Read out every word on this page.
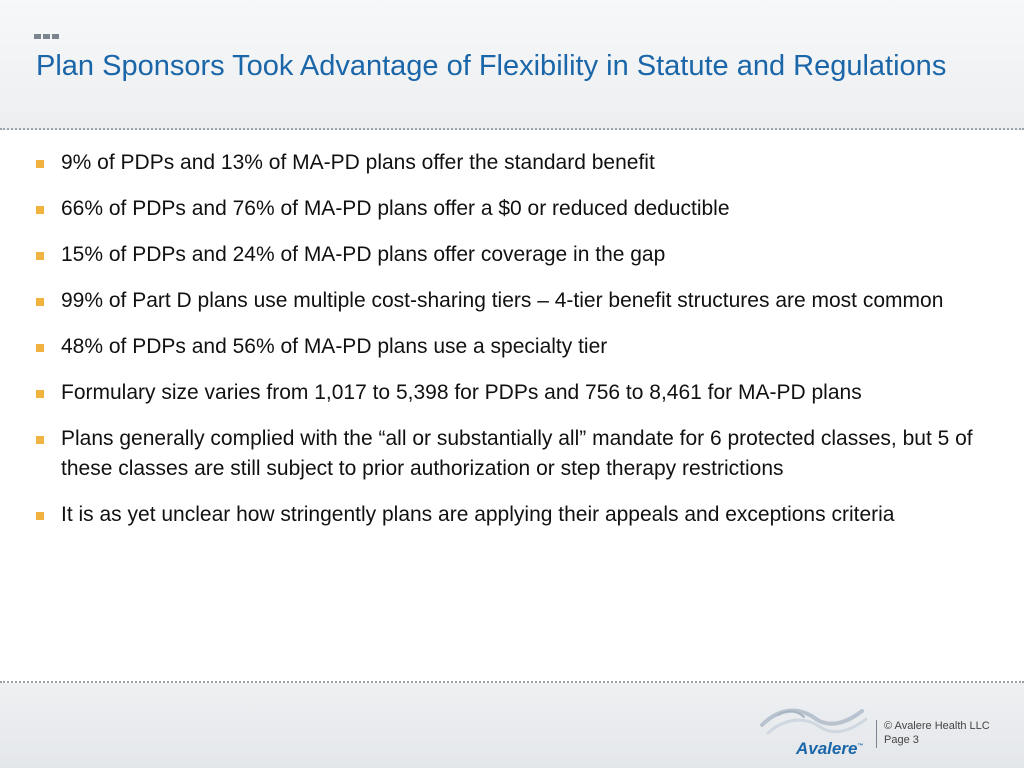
Plan Sponsors Took Advantage of Flexibility in Statute and Regulations
9% of PDPs and 13% of MA-PD plans offer the standard benefit
66% of PDPs and 76% of MA-PD plans offer a $0 or reduced deductible
15% of PDPs and 24% of MA-PD plans offer coverage in the gap
99% of Part D plans use multiple cost-sharing tiers – 4-tier benefit structures are most common
48% of PDPs and 56% of MA-PD plans use a specialty tier
Formulary size varies from 1,017 to 5,398 for PDPs and 756 to 8,461 for MA-PD plans
Plans generally complied with the “all or substantially all” mandate for 6 protected classes, but 5 of these classes are still subject to prior authorization or step therapy restrictions
It is as yet unclear how stringently plans are applying their appeals and exceptions criteria
Avalere™
© Avalere Health LLC
Page 3
